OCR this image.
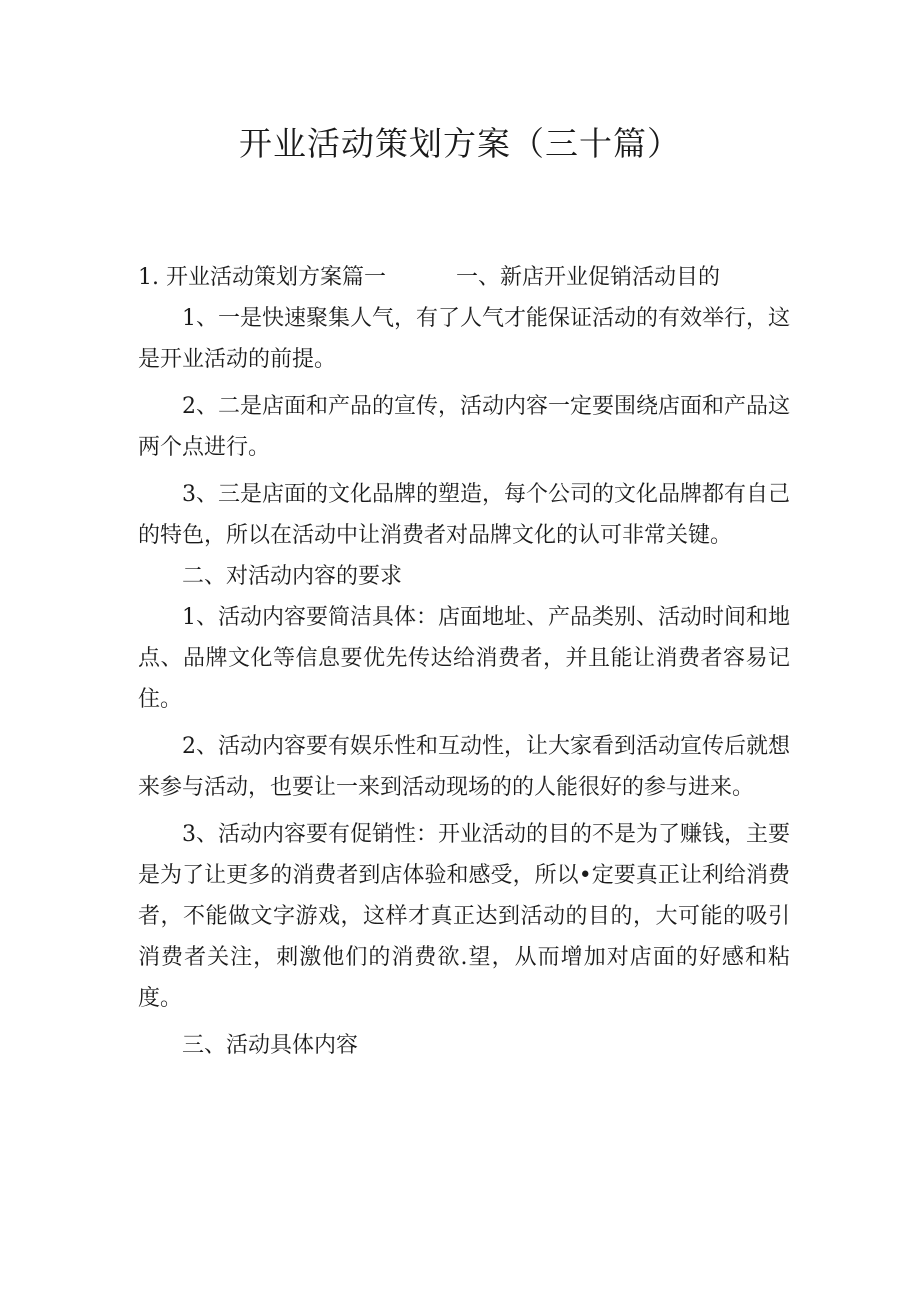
开业活动策划方案（三十篇）

1. 开业活动策划方案篇一	一、新店开业促销活动目的

1、一是快速聚集人气，有了人气才能保证活动的有效举行，这是开业活动的前提。

2、二是店面和产品的宣传，活动内容一定要围绕店面和产品这两个点进行。

3、三是店面的文化品牌的塑造，每个公司的文化品牌都有自己的特色，所以在活动中让消费者对品牌文化的认可非常关键。

二、对活动内容的要求

1、活动内容要简洁具体：店面地址、产品类别、活动时间和地点、品牌文化等信息要优先传达给消费者，并且能让消费者容易记住。

2、活动内容要有娱乐性和互动性，让大家看到活动宣传后就想来参与活动，也要让一来到活动现场的的人能很好的参与进来。

3、活动内容要有促销性：开业活动的目的不是为了赚钱，主要是为了让更多的消费者到店体验和感受，所以•定要真正让利给消费者，不能做文字游戏，这样才真正达到活动的目的，大可能的吸引消费者关注，刺激他们的消费欲.望，从而增加对店面的好感和粘度。

三、活动具体内容
